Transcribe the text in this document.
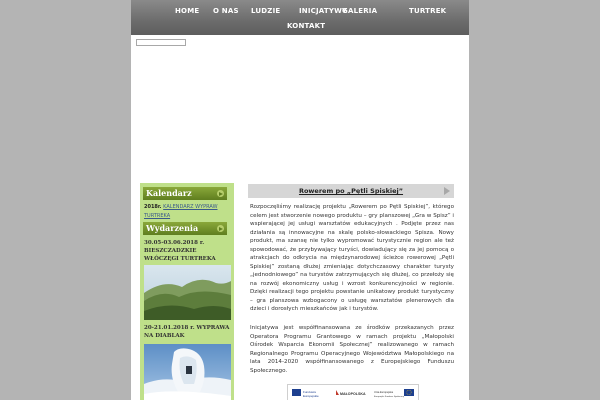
HOME O NAS LUDZIE	INICJATYWY
GALERIA	TURTREK
KONTAKT
Kalendarz
2018r. KALENDARZ WYPRAW TURTREKA
Wydarzenia
30.05-03.06.2018 r. BIESZCZADZKIE WŁÓCZĘGI TURTREKA
20-21.01.2018 r. WYPRAWA NA DIABLAK
Rowerem po „Pętli Spiskiej”
Rozpoczęliśmy realizację projektu „Rowerem po Pętli Spiskiej”, którego celem jest stworzenie nowego produktu – gry planszowej „Gra w Spisz” i wspierającej jej usługi warsztatów edukacyjnych . Podjęte przez nas działania są innowacyjne na skalę polsko-słowackiego Spisza. Nowy produkt, ma szansę nie tylko wypromować turystycznie region ale też spowodować, że przybywający turyści, dowiadujący się za jej pomocą o atrakcjach do odkrycia na międzynarodowej ścieżce rowerowej „Pętli Spiskiej” zostaną dłużej zmieniając dotychczasowy charakter turysty „jednodniowego” na turystów zatrzymujących się dłużej, co przełoży się na rozwój ekonomiczny usług i wzrost konkurencyjności w regionie. Dzięki realizacji tego projektu powstanie unikatowy produkt turystyczny – gra planszowa wzbogacony o usługę warsztatów plenerowych dla dzieci i dorosłych mieszkańców jak i turystów.
Inicjatywa jest współfinansowana ze środków przekazanych przez Operatora Programu Grantowego w ramach projektu „Małopolski Ośrodek Wsparcia Ekonomii Społecznej” realizowanego w ramach Regionalnego Programu Operacyjnego Województwa Małopolskiego na lata 2014-2020 współfinansowanego z Europejskiego Funduszu Społecznego.
Fundusze
Europejskie	MAŁOPOLSKA	Unia Europejska
Europejski Fundusz Społeczny
